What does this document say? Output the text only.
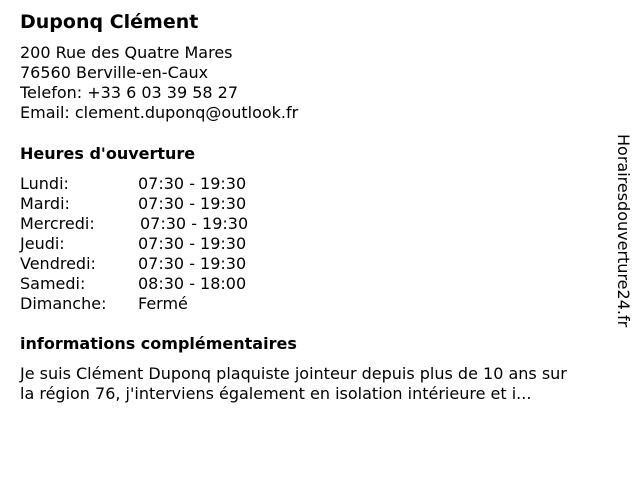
Duponq Clément
200 Rue des Quatre Mares
76560 Berville-en-Caux
Telefon: +33 6 03 39 58 27
Email: clement.duponq@outlook.fr
Heures d'ouverture
Lundi:	07:30 - 19:30
Mardi:	07:30 - 19:30
Mercredi:	07:30 - 19:30
Jeudi:	07:30 - 19:30
Vendredi:	07:30 - 19:30
Samedi:	08:30 - 18:00
Dimanche: Fermé
informations complémentaires
Je suis Clément Duponq plaquiste jointeur depuis plus de 10 ans sur
la région 76, j'interviens également en isolation intérieure et i...
Horairesdouverture24.fr
